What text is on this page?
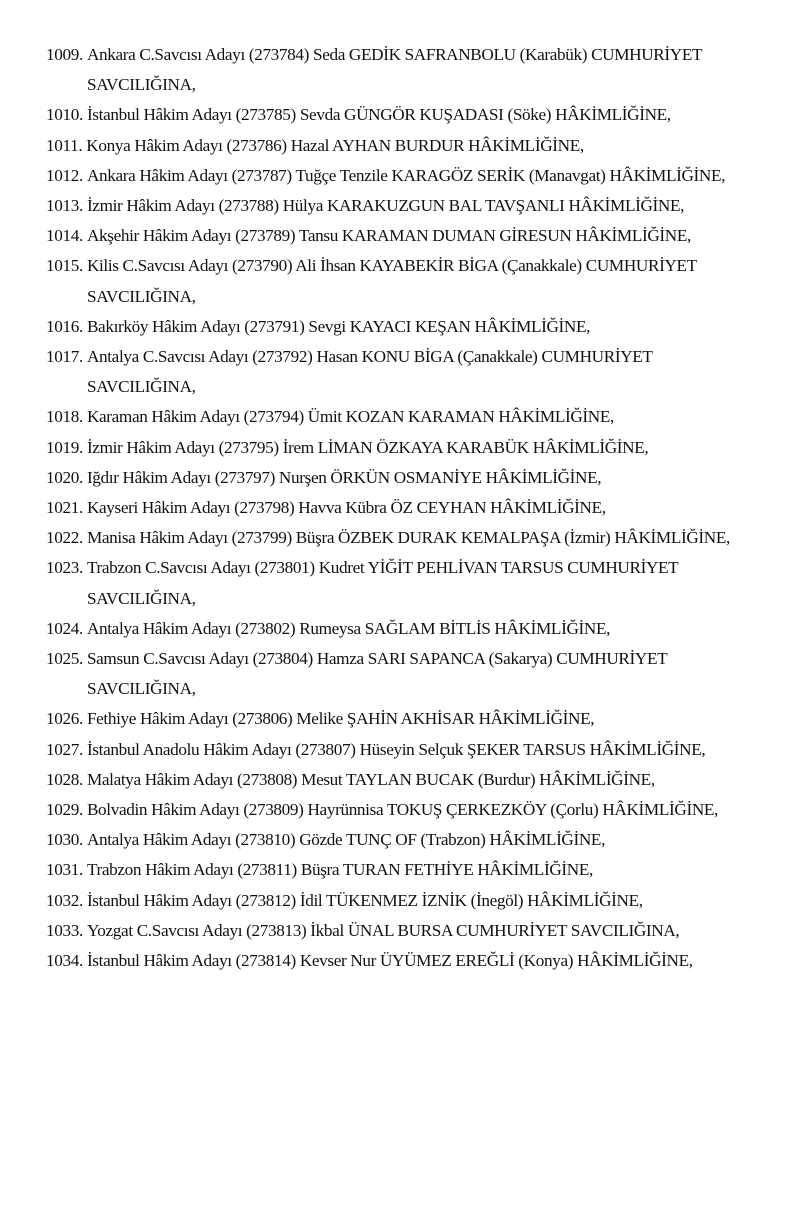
1009. Ankara C.Savcısı Adayı (273784) Seda GEDİK SAFRANBOLU (Karabük) CUMHURİYET
SAVCILIĞINA,
1010. İstanbul Hâkim Adayı (273785) Sevda GÜNGÖR KUŞADASI (Söke) HÂKİMLİĞİNE,
1011. Konya Hâkim Adayı (273786) Hazal AYHAN BURDUR HÂKİMLİĞİNE,
1012. Ankara Hâkim Adayı (273787) Tuğçe Tenzile KARAGÖZ SERİK (Manavgat) HÂKİMLİĞİNE,
1013. İzmir Hâkim Adayı (273788) Hülya KARAKUZGUN BAL TAVŞANLI HÂKİMLİĞİNE,
1014. Akşehir Hâkim Adayı (273789) Tansu KARAMAN DUMAN GİRESUN HÂKİMLİĞİNE,
1015. Kilis C.Savcısı Adayı (273790) Ali İhsan KAYABEKİR BİGA (Çanakkale) CUMHURİYET
SAVCILIĞINA,
1016. Bakırköy Hâkim Adayı (273791) Sevgi KAYACI KEŞAN HÂKİMLİĞİNE,
1017. Antalya C.Savcısı Adayı (273792) Hasan KONU BİGA (Çanakkale) CUMHURİYET
SAVCILIĞINA,
1018. Karaman Hâkim Adayı (273794) Ümit KOZAN KARAMAN HÂKİMLİĞİNE,
1019. İzmir Hâkim Adayı (273795) İrem LİMAN ÖZKAYA KARABÜK HÂKİMLİĞİNE,
1020. Iğdır Hâkim Adayı (273797) Nurşen ÖRKÜN OSMANİYE HÂKİMLİĞİNE,
1021. Kayseri Hâkim Adayı (273798) Havva Kübra ÖZ CEYHAN HÂKİMLİĞİNE,
1022. Manisa Hâkim Adayı (273799) Büşra ÖZBEK DURAK KEMALPAŞA (İzmir) HÂKİMLİĞİNE,
1023. Trabzon C.Savcısı Adayı (273801) Kudret YİĞİT PEHLİVAN TARSUS CUMHURİYET
SAVCILIĞINA,
1024. Antalya Hâkim Adayı (273802) Rumeysa SAĞLAM BİTLİS HÂKİMLİĞİNE,
1025. Samsun C.Savcısı Adayı (273804) Hamza SARI SAPANCA (Sakarya) CUMHURİYET
SAVCILIĞINA,
1026. Fethiye Hâkim Adayı (273806) Melike ŞAHİN AKHİSAR HÂKİMLİĞİNE,
1027. İstanbul Anadolu Hâkim Adayı (273807) Hüseyin Selçuk ŞEKER TARSUS HÂKİMLİĞİNE,
1028. Malatya Hâkim Adayı (273808) Mesut TAYLAN BUCAK (Burdur) HÂKİMLİĞİNE,
1029. Bolvadin Hâkim Adayı (273809) Hayrünnisa TOKUŞ ÇERKEZKÖY (Çorlu) HÂKİMLİĞİNE,
1030. Antalya Hâkim Adayı (273810) Gözde TUNÇ OF (Trabzon) HÂKİMLİĞİNE,
1031. Trabzon Hâkim Adayı (273811) Büşra TURAN FETHİYE HÂKİMLİĞİNE,
1032. İstanbul Hâkim Adayı (273812) İdil TÜKENMEZ İZNİK (İnegöl) HÂKİMLİĞİNE,
1033. Yozgat C.Savcısı Adayı (273813) İkbal ÜNAL BURSA CUMHURİYET SAVCILIĞINA,
1034. İstanbul Hâkim Adayı (273814) Kevser Nur ÜYÜMEZ EREĞLİ (Konya) HÂKİMLİĞİNE,
